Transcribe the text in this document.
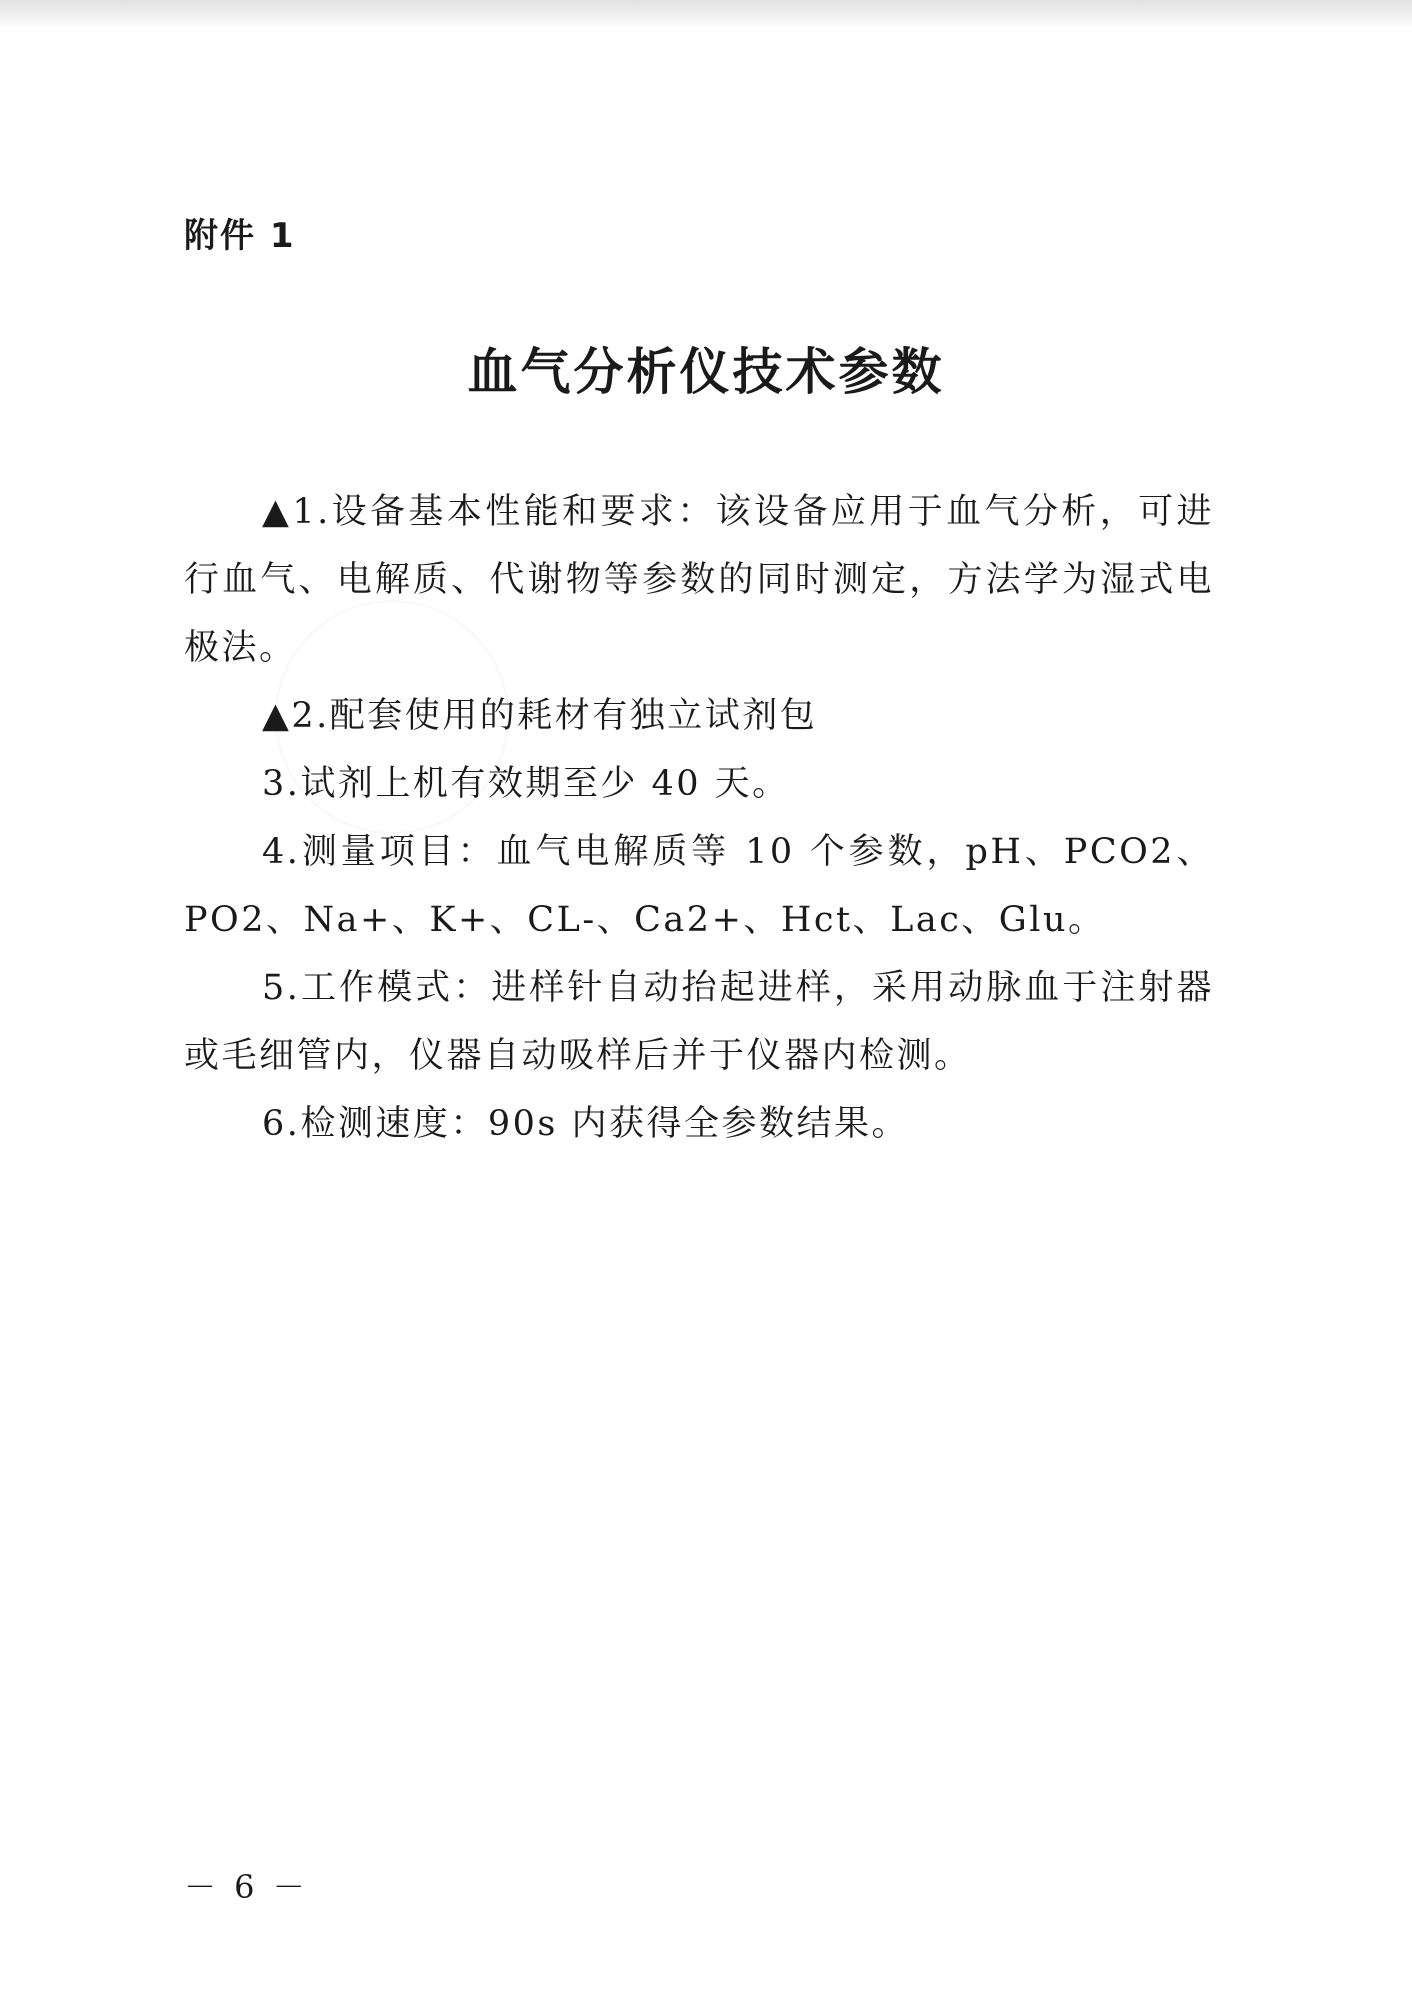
附件 1
血气分析仪技术参数

▲1.设备基本性能和要求：该设备应用于血气分析，可进行血气、电解质、代谢物等参数的同时测定，方法学为湿式电极法。

▲2.配套使用的耗材有独立试剂包

3.试剂上机有效期至少 40 天。

4.测量项目：血气电解质等 10 个参数，pH、PCO2、PO2、Na+、K+、CL-、Ca2+、Hct、Lac、Glu。

5.工作模式：进样针自动抬起进样，采用动脉血于注射器或毛细管内，仪器自动吸样后并于仪器内检测。

6.检测速度：90s 内获得全参数结果。

－ 6 －
